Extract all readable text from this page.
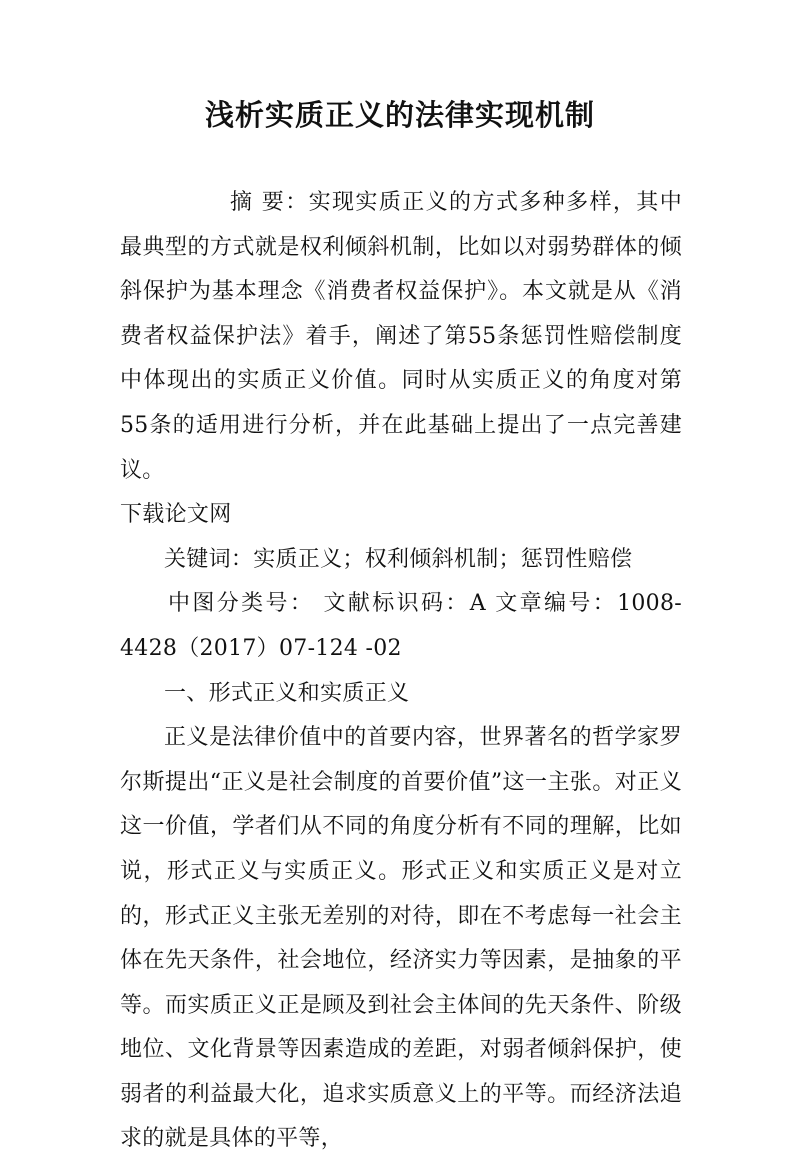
浅析实质正义的法律实现机制

摘 要：实现实质正义的方式多种多样，其中最典型的方式就是权利倾斜机制，比如以对弱势群体的倾斜保护为基本理念《消费者权益保护》。本文就是从《消费者权益保护法》着手，阐述了第55条惩罚性赔偿制度中体现出的实质正义价值。同时从实质正义的角度对第55条的适用进行分析，并在此基础上提出了一点完善建议。

下载论文网

关键词：实质正义；权利倾斜机制；惩罚性赔偿

中图分类号： 文献标识码：A 文章编号：1008-4428（2017）07-124 -02

一、形式正义和实质正义

正义是法律价值中的首要内容，世界著名的哲学家罗尔斯提出“正义是社会制度的首要价值”这一主张。对正义这一价值，学者们从不同的角度分析有不同的理解，比如说，形式正义与实质正义。形式正义和实质正义是对立的，形式正义主张无差别的对待，即在不考虑每一社会主体在先天条件，社会地位，经济实力等因素，是抽象的平等。而实质正义正是顾及到社会主体间的先天条件、阶级地位、文化背景等因素造成的差距，对弱者倾斜保护，使弱者的利益最大化，追求实质意义上的平等。而经济法追求的就是具体的平等，
